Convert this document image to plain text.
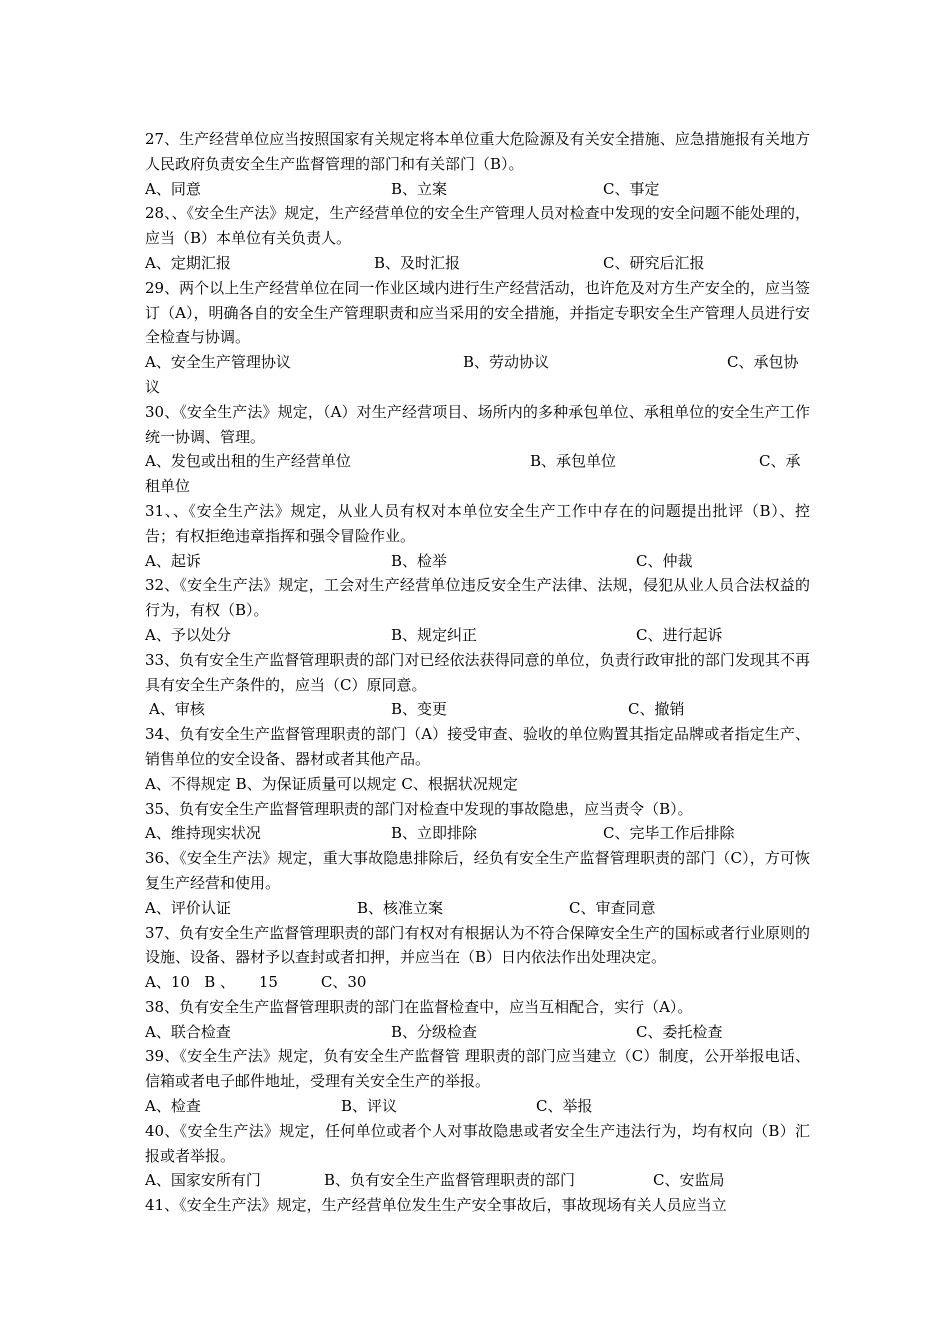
27、生产经营单位应当按照国家有关规定将本单位重大危险源及有关安全措施、应急措施报有关地方人民政府负责安全生产监督管理的部门和有关部门（B）。
A、同意	B、立案	C、事定
28、、《安全生产法》规定，生产经营单位的安全生产管理人员对检查中发现的安全问题不能处理的，应当（B）本单位有关负责人。
A、定期汇报	B、及时汇报	C、研究后汇报
29、两个以上生产经营单位在同一作业区域内进行生产经营活动，也许危及对方生产安全的，应当签订（A），明确各自的安全生产管理职责和应当采用的安全措施，并指定专职安全生产管理人员进行安全检查与协调。
A、安全生产管理协议	B、劳动协议	C、承包协
议
30、《安全生产法》规定，（A）对生产经营项目、场所内的多种承包单位、承租单位的安全生产工作统一协调、管理。
A、发包或出租的生产经营单位	B、承包单位	C、承
租单位
31、、《安全生产法》规定，从业人员有权对本单位安全生产工作中存在的问题提出批评（B）、控告；有权拒绝违章指挥和强令冒险作业。
A、起诉	B、检举	C、仲裁
32、《安全生产法》规定，工会对生产经营单位违反安全生产法律、法规，侵犯从业人员合法权益的行为，有权（B）。
A、予以处分	B、规定纠正	C、进行起诉
33、负有安全生产监督管理职责的部门对已经依法获得同意的单位，负责行政审批的部门发现其不再具有安全生产条件的，应当（C）原同意。
A、审核	B、变更	C、撤销
34、负有安全生产监督管理职责的部门（A）接受审查、验收的单位购置其指定品牌或者指定生产、销售单位的安全设备、器材或者其他产品。
A、不得规定 B、为保证质量可以规定 C、根据状况规定
35、负有安全生产监督管理职责的部门对检查中发现的事故隐患，应当责令（B）。
A、维持现实状况	B、立即排除	C、完毕工作后排除
36、《安全生产法》规定，重大事故隐患排除后，经负有安全生产监督管理职责的部门（C），方可恢复生产经营和使用。
A、评价认证	B、核准立案	C、审查同意
37、负有安全生产监督管理职责的部门有权对有根据认为不符合保障安全生产的国标或者行业原则的设施、设备、器材予以查封或者扣押，并应当在（B）日内依法作出处理决定。
A、10   B 、     15         C、30
38、负有安全生产监督管理职责的部门在监督检查中，应当互相配合，实行（A）。
A、联合检查	B、分级检查	C、委托检查
39、《安全生产法》规定，负有安全生产监督管 理职责的部门应当建立（C）制度，公开举报电话、信箱或者电子邮件地址，受理有关安全生产的举报。
A、检查	B、评议	C、举报
40、《安全生产法》规定，任何单位或者个人对事故隐患或者安全生产违法行为，均有权向（B）汇报或者举报。
A、国家安所有门	B、负有安全生产监督管理职责的部门	C、安监局
41、《安全生产法》规定，生产经营单位发生生产安全事故后，事故现场有关人员应当立
